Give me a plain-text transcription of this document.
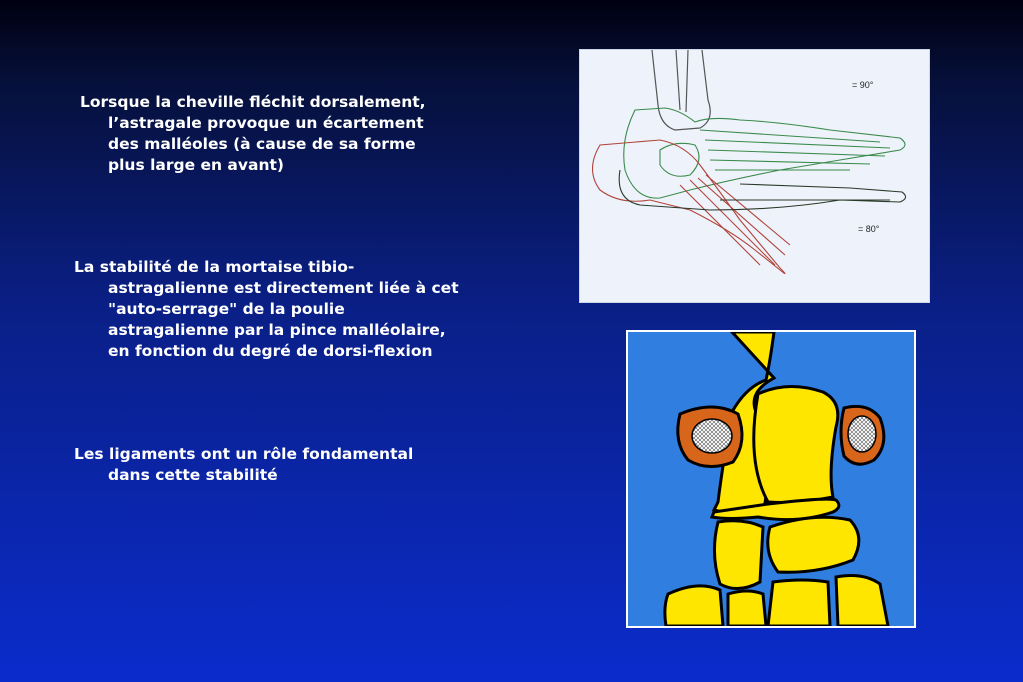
Lorsque la cheville fléchit dorsalement,
l’astragale provoque un écartement
des malléoles (à cause de sa forme
plus large en avant)
La stabilité de la mortaise tibio-
astragalienne est directement liée à cet
"auto-serrage" de la poulie
astragalienne par la pince malléolaire,
en fonction du degré de dorsi-flexion
Les ligaments ont un rôle fondamental
dans cette stabilité
= 90°
= 80°
